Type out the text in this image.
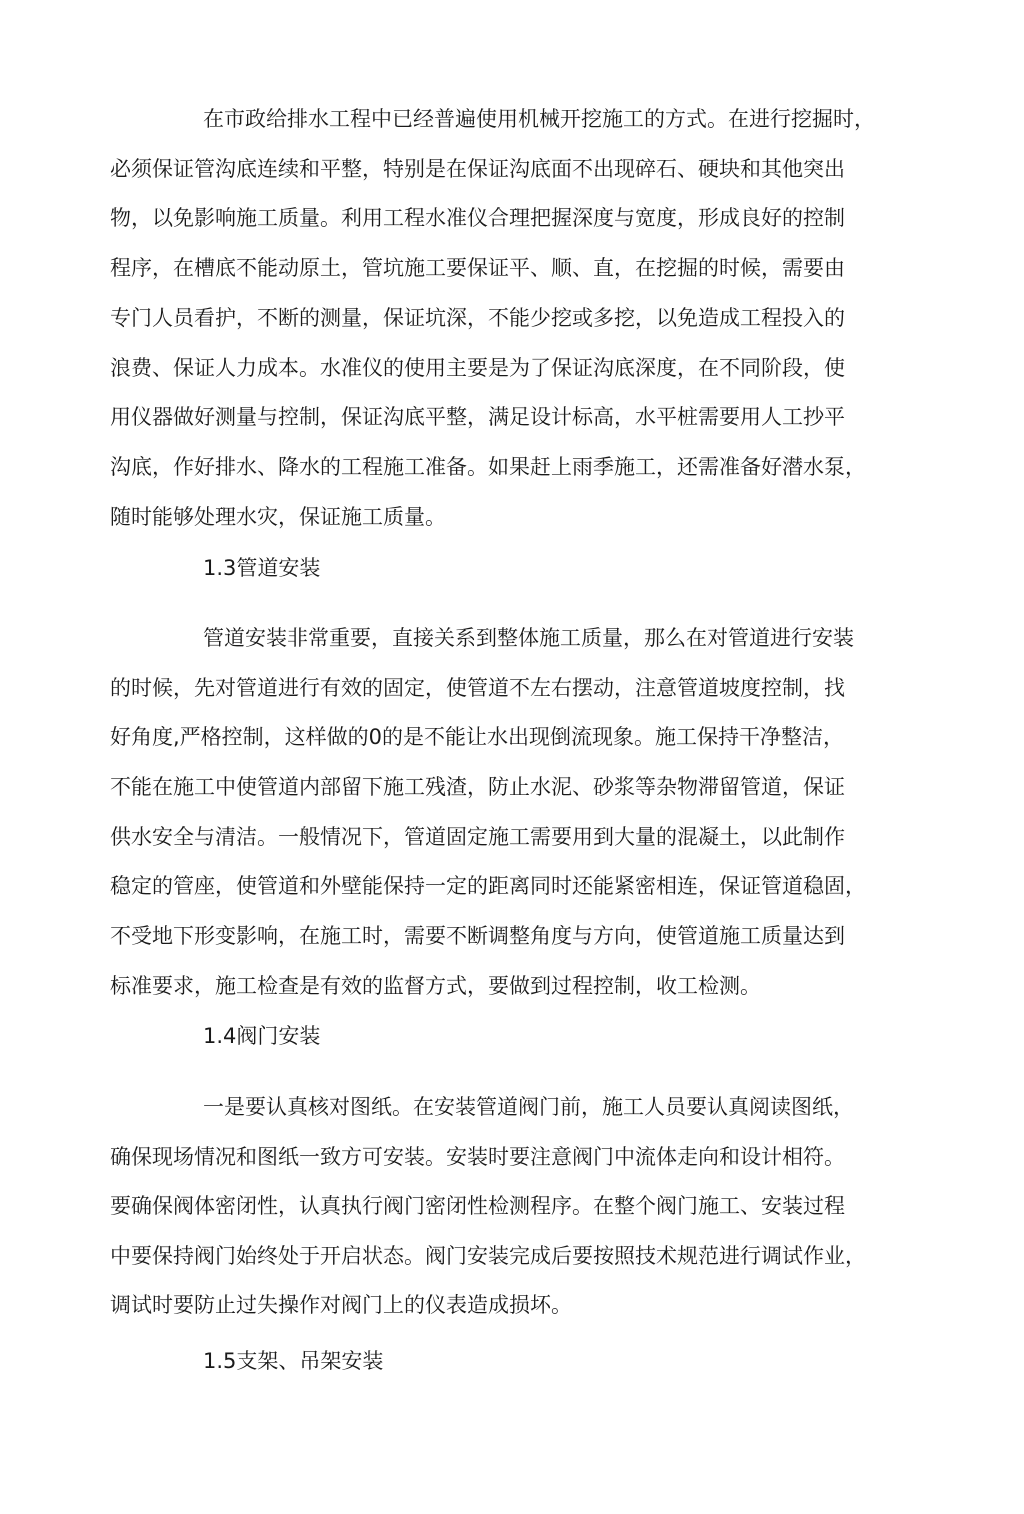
在市政给排水工程中已经普遍使用机械开挖施工的方式。在进行挖掘时，
必须保证管沟底连续和平整，特别是在保证沟底面不出现碎石、硬块和其他突出
物，以免影响施工质量。利用工程水准仪合理把握深度与宽度，形成良好的控制
程序，在槽底不能动原土，管坑施工要保证平、顺、直，在挖掘的时候，需要由
专门人员看护，不断的测量，保证坑深，不能少挖或多挖，以免造成工程投入的
浪费、保证人力成本。水准仪的使用主要是为了保证沟底深度，在不同阶段，使
用仪器做好测量与控制，保证沟底平整，满足设计标高，水平桩需要用人工抄平
沟底，作好排水、降水的工程施工准备。如果赶上雨季施工，还需准备好潜水泵，
随时能够处理水灾，保证施工质量。
1.3管道安装
管道安装非常重要，直接关系到整体施工质量，那么在对管道进行安装
的时候，先对管道进行有效的固定，使管道不左右摆动，注意管道坡度控制，找
好角度,严格控制，这样做的0的是不能让水出现倒流现象。施工保持干净整洁，
不能在施工中使管道内部留下施工残渣，防止水泥、砂浆等杂物滞留管道，保证
供水安全与清洁。一般情况下，管道固定施工需要用到大量的混凝土，以此制作
稳定的管座，使管道和外壁能保持一定的距离同时还能紧密相连，保证管道稳固，
不受地下形变影响，在施工时，需要不断调整角度与方向，使管道施工质量达到
标准要求，施工检查是有效的监督方式，要做到过程控制，收工检测。
1.4阀门安装
一是要认真核对图纸。在安装管道阀门前，施工人员要认真阅读图纸，
确保现场情况和图纸一致方可安装。安装时要注意阀门中流体走向和设计相符。
要确保阀体密闭性，认真执行阀门密闭性检测程序。在整个阀门施工、安装过程
中要保持阀门始终处于开启状态。阀门安装完成后要按照技术规范进行调试作业，
调试时要防止过失操作对阀门上的仪表造成损坏。
1.5支架、吊架安装
